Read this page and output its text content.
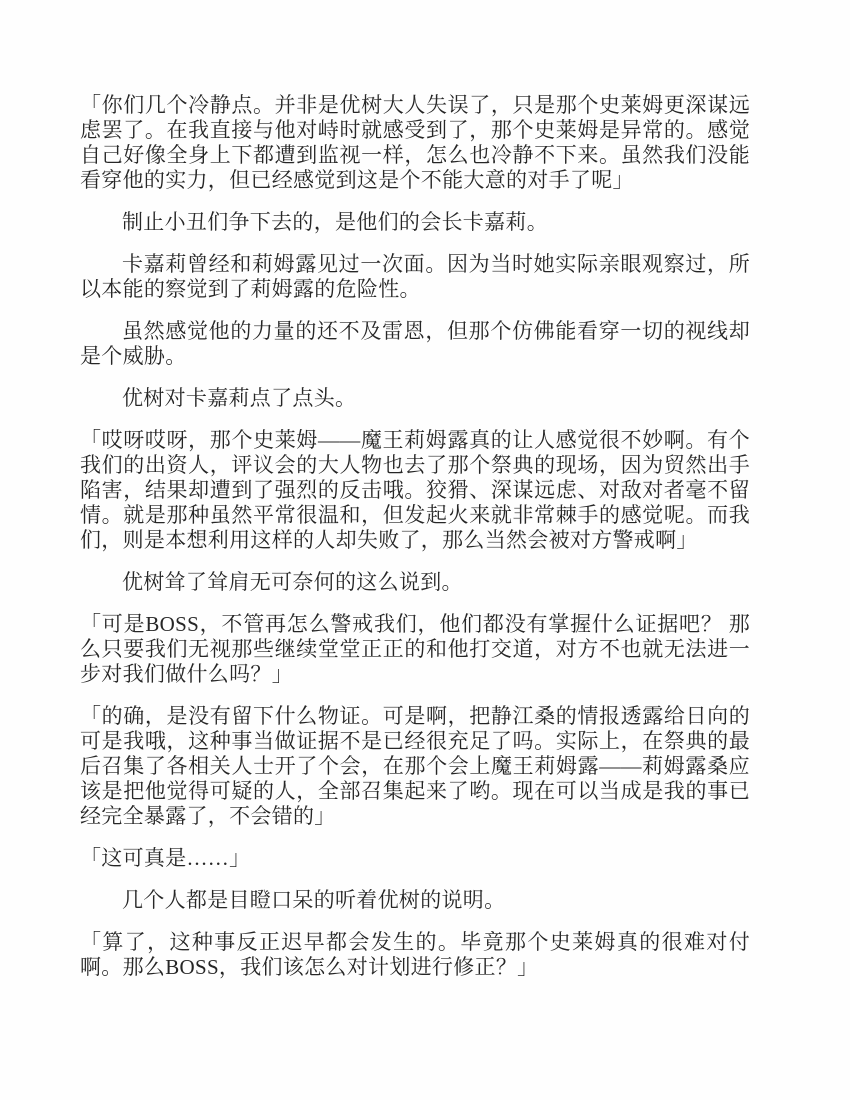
「你们几个冷静点。并非是优树大人失误了，只是那个史莱姆更深谋远虑罢了。在我直接与他对峙时就感受到了，那个史莱姆是异常的。感觉自己好像全身上下都遭到监视一样，怎么也冷静不下来。虽然我们没能看穿他的实力，但已经感觉到这是个不能大意的对手了呢」

制止小丑们争下去的，是他们的会长卡嘉莉。

卡嘉莉曾经和莉姆露见过一次面。因为当时她实际亲眼观察过，所以本能的察觉到了莉姆露的危险性。

虽然感觉他的力量的还不及雷恩，但那个仿佛能看穿一切的视线却是个威胁。

优树对卡嘉莉点了点头。

「哎呀哎呀，那个史莱姆——魔王莉姆露真的让人感觉很不妙啊。有个我们的出资人，评议会的大人物也去了那个祭典的现场，因为贸然出手陷害，结果却遭到了强烈的反击哦。狡猾、深谋远虑、对敌对者毫不留情。就是那种虽然平常很温和，但发起火来就非常棘手的感觉呢。而我们，则是本想利用这样的人却失败了，那么当然会被对方警戒啊」

优树耸了耸肩无可奈何的这么说到。

「可是BOSS，不管再怎么警戒我们，他们都没有掌握什么证据吧？ 那么只要我们无视那些继续堂堂正正的和他打交道，对方不也就无法进一步对我们做什么吗？」

「的确，是没有留下什么物证。可是啊，把静江桑的情报透露给日向的可是我哦，这种事当做证据不是已经很充足了吗。实际上，在祭典的最后召集了各相关人士开了个会，在那个会上魔王莉姆露——莉姆露桑应该是把他觉得可疑的人，全部召集起来了哟。现在可以当成是我的事已经完全暴露了，不会错的」

「这可真是……」

几个人都是目瞪口呆的听着优树的说明。

「算了，这种事反正迟早都会发生的。毕竟那个史莱姆真的很难对付啊。那么BOSS，我们该怎么对计划进行修正？」
